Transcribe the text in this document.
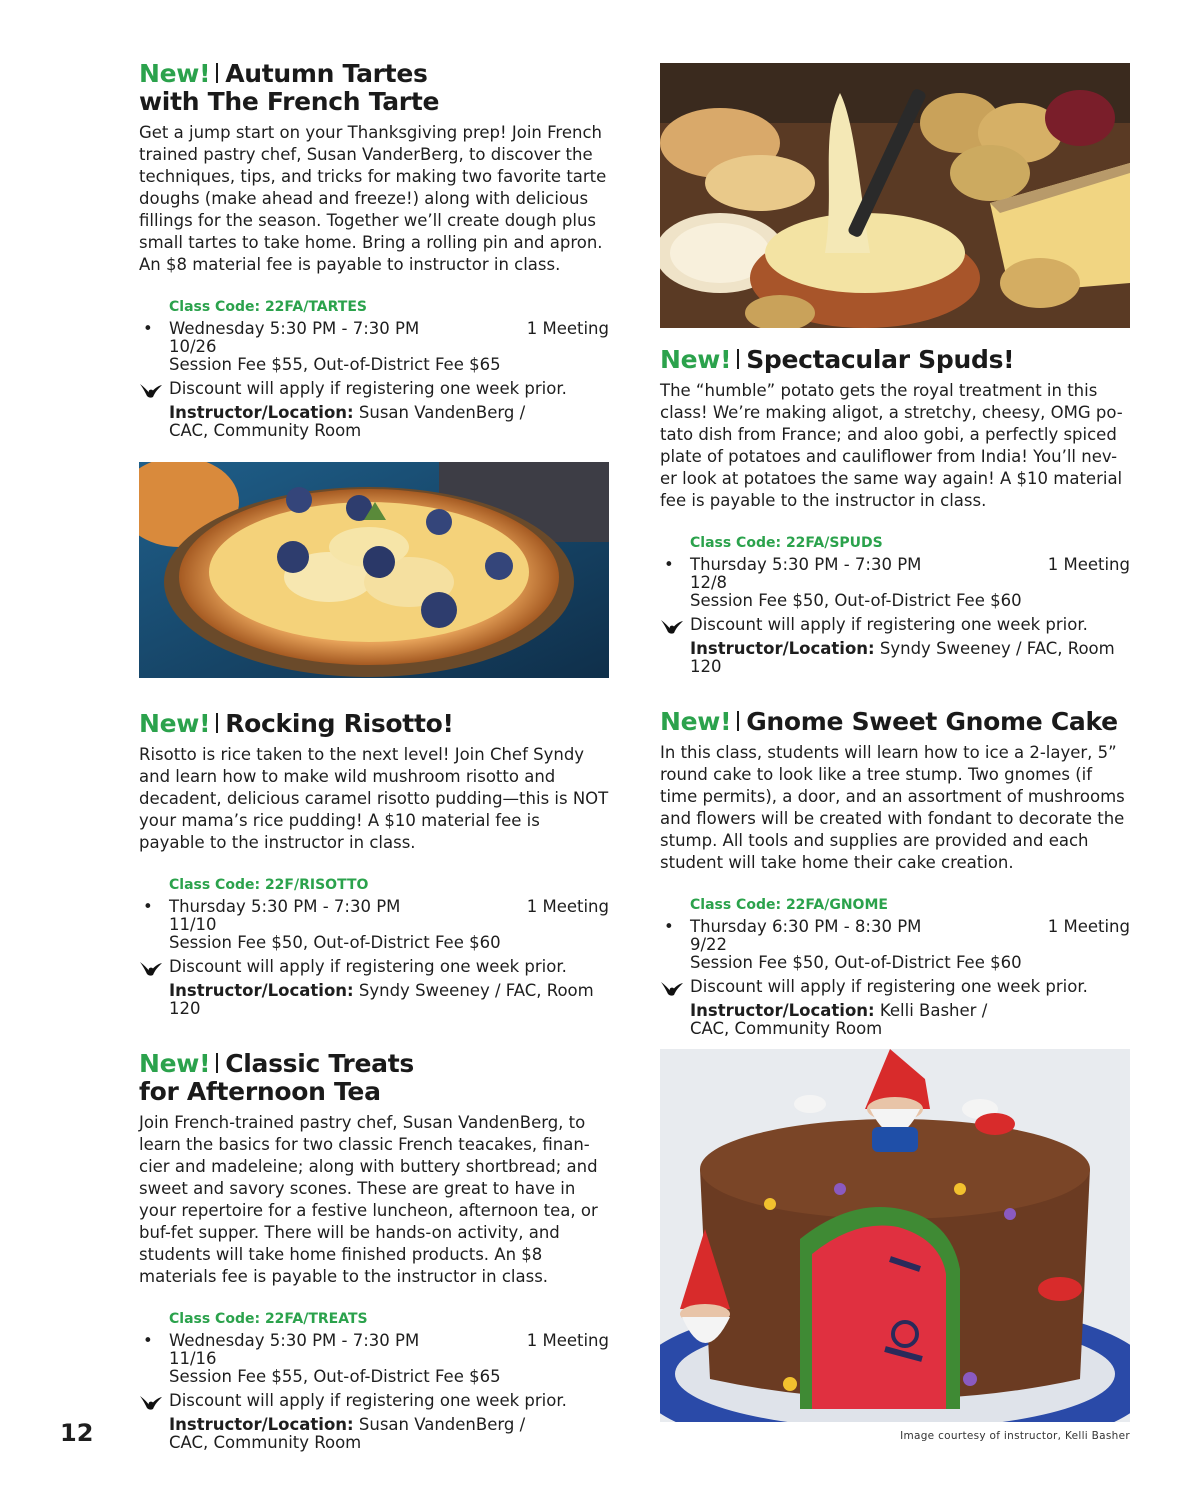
New! Autumn Tartes
with The French Tarte

Get a jump start on your Thanksgiving prep! Join French trained pastry chef, Susan VanderBerg, to discover the techniques, tips, and tricks for making two favorite tarte doughs (make ahead and freeze!) along with delicious fillings for the season. Together we’ll create dough plus small tartes to take home. Bring a rolling pin and apron. An $8 material fee is payable to instructor in class.

Class Code: 22FA/TARTES
• Wednesday 5:30 PM - 7:30 PM	1 Meeting
10/26
Session Fee $55, Out-of-District Fee $65
Discount will apply if registering one week prior.
Instructor/Location: Susan VandenBerg /
CAC, Community Room
New! Rocking Risotto!

Risotto is rice taken to the next level! Join Chef Syndy and learn how to make wild mushroom risotto and decadent, delicious caramel risotto pudding—this is NOT your mama’s rice pudding! A $10 material fee is payable to the instructor in class.

Class Code: 22F/RISOTTO
• Thursday 5:30 PM - 7:30 PM	1 Meeting
11/10
Session Fee $50, Out-of-District Fee $60
Discount will apply if registering one week prior.
Instructor/Location: Syndy Sweeney / FAC, Room 120
New! Classic Treats
for Afternoon Tea

Join French-trained pastry chef, Susan VandenBerg, to learn the basics for two classic French teacakes, finan-cier and madeleine; along with buttery shortbread; and sweet and savory scones. These are great to have in your repertoire for a festive luncheon, afternoon tea, or buf-fet supper. There will be hands-on activity, and students will take home finished products. An $8 materials fee is payable to the instructor in class.

Class Code: 22FA/TREATS
• Wednesday 5:30 PM - 7:30 PM	1 Meeting
11/16
Session Fee $55, Out-of-District Fee $65
Discount will apply if registering one week prior.
Instructor/Location: Susan VandenBerg /
CAC, Community Room
New! Spectacular Spuds!

The “humble” potato gets the royal treatment in this class! We’re making aligot, a stretchy, cheesy, OMG po-tato dish from France; and aloo gobi, a perfectly spiced plate of potatoes and cauliflower from India! You’ll nev-er look at potatoes the same way again! A $10 material fee is payable to the instructor in class.

Class Code: 22FA/SPUDS
• Thursday 5:30 PM - 7:30 PM	1 Meeting
12/8
Session Fee $50, Out-of-District Fee $60
Discount will apply if registering one week prior.
Instructor/Location: Syndy Sweeney / FAC, Room 120
New! Gnome Sweet Gnome Cake

In this class, students will learn how to ice a 2-layer, 5” round cake to look like a tree stump. Two gnomes (if time permits), a door, and an assortment of mushrooms and flowers will be created with fondant to decorate the stump. All tools and supplies are provided and each student will take home their cake creation.

Class Code: 22FA/GNOME
• Thursday 6:30 PM - 8:30 PM	1 Meeting
9/22
Session Fee $50, Out-of-District Fee $60
Discount will apply if registering one week prior.
Instructor/Location: Kelli Basher /
CAC, Community Room
Image courtesy of instructor, Kelli Basher
12
